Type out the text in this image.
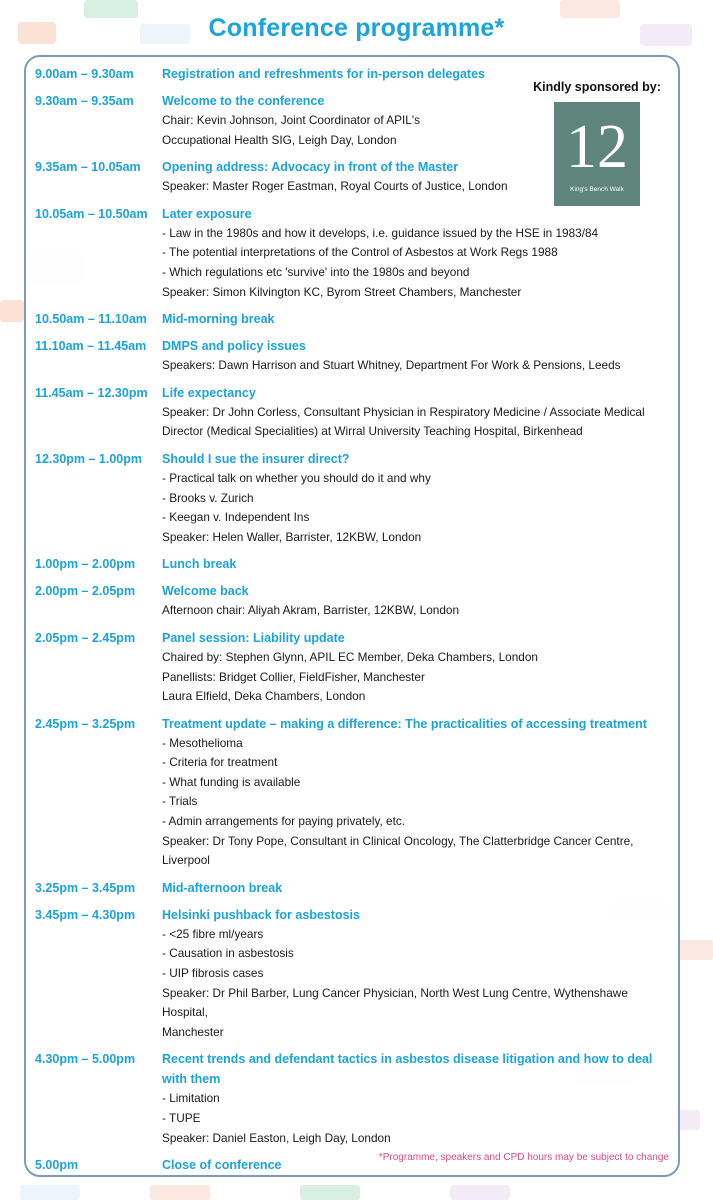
Conference programme*
Kindly sponsored by:
12
King's Bench Walk
9.00am – 9.30am	Registration and refreshments for in-person delegates
9.30am – 9.35am	Welcome to the conference
Chair: Kevin Johnson, Joint Coordinator of APIL's
Occupational Health SIG, Leigh Day, London
9.35am – 10.05am	Opening address: Advocacy in front of the Master
Speaker: Master Roger Eastman, Royal Courts of Justice, London
10.05am – 10.50am	Later exposure
- Law in the 1980s and how it develops, i.e. guidance issued by the HSE in 1983/84
- The potential interpretations of the Control of Asbestos at Work Regs 1988
- Which regulations etc 'survive' into the 1980s and beyond
Speaker: Simon Kilvington KC, Byrom Street Chambers, Manchester
10.50am – 11.10am	Mid-morning break
11.10am – 11.45am	DMPS and policy issues
Speakers: Dawn Harrison and Stuart Whitney, Department For Work & Pensions, Leeds
11.45am – 12.30pm	Life expectancy
Speaker: Dr John Corless, Consultant Physician in Respiratory Medicine / Associate Medical
Director (Medical Specialities) at Wirral University Teaching Hospital, Birkenhead
12.30pm – 1.00pm	Should I sue the insurer direct?
- Practical talk on whether you should do it and why
- Brooks v. Zurich
- Keegan v. Independent Ins
Speaker: Helen Waller, Barrister, 12KBW, London
1.00pm – 2.00pm	Lunch break
2.00pm – 2.05pm	Welcome back
Afternoon chair: Aliyah Akram, Barrister, 12KBW, London
2.05pm – 2.45pm	Panel session: Liability update
Chaired by: Stephen Glynn, APIL EC Member, Deka Chambers, London
Panellists: Bridget Collier, FieldFisher, Manchester
Laura Elfield, Deka Chambers, London
2.45pm – 3.25pm	Treatment update – making a difference: The practicalities of accessing treatment
- Mesothelioma
- Criteria for treatment
- What funding is available
- Trials
- Admin arrangements for paying privately, etc.
Speaker: Dr Tony Pope, Consultant in Clinical Oncology, The Clatterbridge Cancer Centre,
Liverpool
3.25pm – 3.45pm	Mid-afternoon break
3.45pm – 4.30pm	Helsinki pushback for asbestosis
- <25 fibre ml/years
- Causation in asbestosis
- UIP fibrosis cases
Speaker: Dr Phil Barber, Lung Cancer Physician, North West Lung Centre, Wythenshawe Hospital,
Manchester
4.30pm – 5.00pm	Recent trends and defendant tactics in asbestos disease litigation and how to deal with them
- Limitation
- TUPE
Speaker: Daniel Easton, Leigh Day, London
5.00pm	Close of conference
*Programme, speakers and CPD hours may be subject to change
